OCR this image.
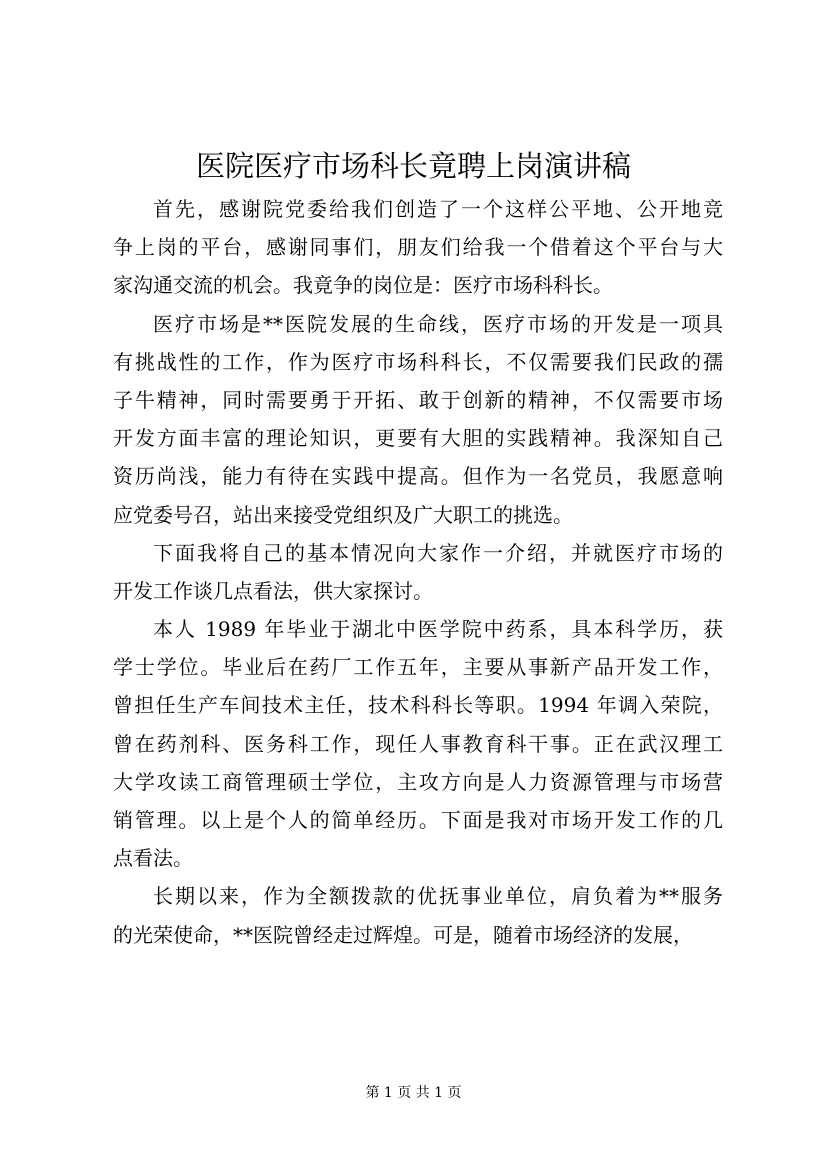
医院医疗市场科长竟聘上岗演讲稿

首先，感谢院党委给我们创造了一个这样公平地、公开地竞
争上岗的平台，感谢同事们，朋友们给我一个借着这个平台与大
家沟通交流的机会。我竟争的岗位是：医疗市场科科长。

医疗市场是**医院发展的生命线，医疗市场的开发是一项具
有挑战性的工作，作为医疗市场科科长，不仅需要我们民政的孺
子牛精神，同时需要勇于开拓、敢于创新的精神，不仅需要市场
开发方面丰富的理论知识，更要有大胆的实践精神。我深知自己
资历尚浅，能力有待在实践中提高。但作为一名党员，我愿意响
应党委号召，站出来接受党组织及广大职工的挑选。

下面我将自己的基本情况向大家作一介绍，并就医疗市场的
开发工作谈几点看法，供大家探讨。

本人 1989 年毕业于湖北中医学院中药系，具本科学历，获
学士学位。毕业后在药厂工作五年，主要从事新产品开发工作，
曾担任生产车间技术主任，技术科科长等职。1994 年调入荣院，
曾在药剂科、医务科工作，现任人事教育科干事。正在武汉理工
大学攻读工商管理硕士学位，主攻方向是人力资源管理与市场营
销管理。以上是个人的简单经历。下面是我对市场开发工作的几
点看法。

长期以来，作为全额拨款的优抚事业单位，肩负着为**服务
的光荣使命，**医院曾经走过辉煌。可是，随着市场经济的发展，

第 1 页 共 1 页
